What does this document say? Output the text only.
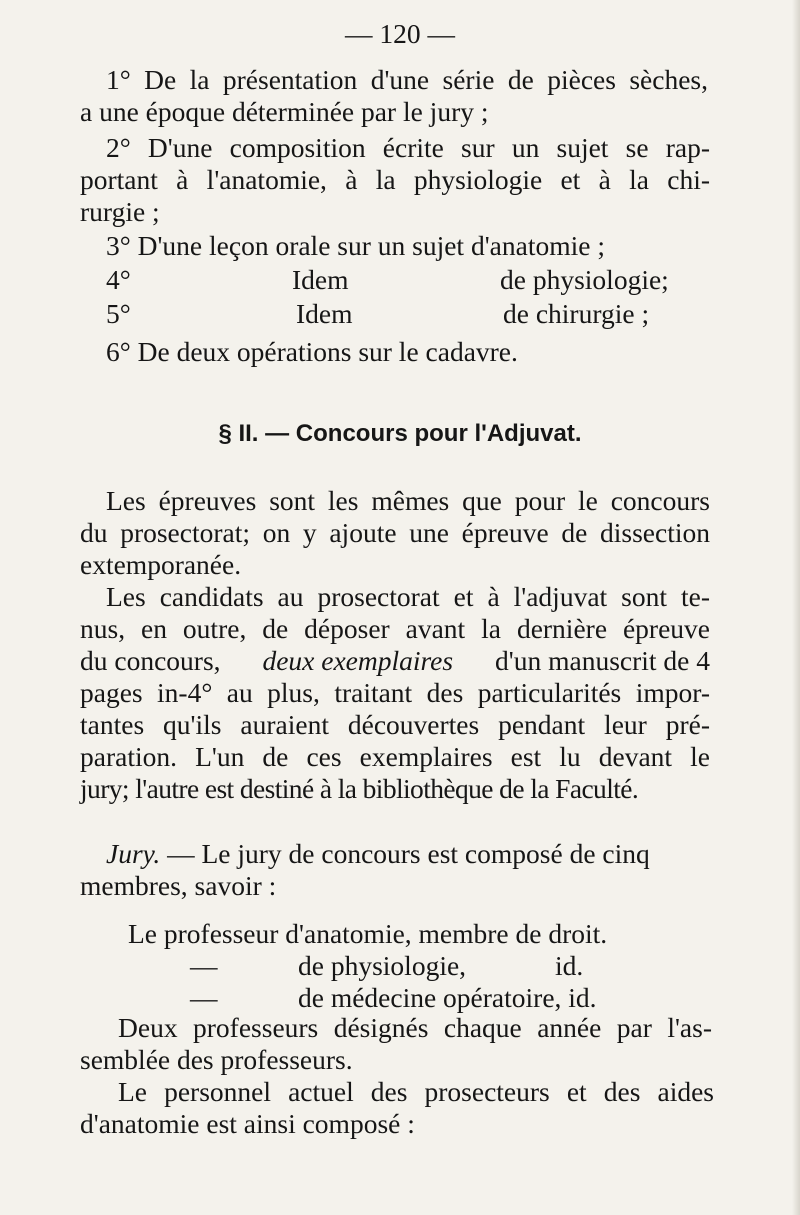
— 120 —
1° De la présentation d'une série de pièces sèches,
a une époque déterminée par le jury ;
2° D'une composition écrite sur un sujet se rap-
portant à l'anatomie, à la physiologie et à la chi-
rurgie ;
3° D'une leçon orale sur un sujet d'anatomie ;
4°	Idem	de physiologie;
5°	Idem	de chirurgie ;
6° De deux opérations sur le cadavre.
§ II. — Concours pour l'Adjuvat.
Les épreuves sont les mêmes que pour le concours
du prosectorat; on y ajoute une épreuve de dissection
extemporanée.
Les candidats au prosectorat et à l'adjuvat sont te-
nus, en outre, de déposer avant la dernière épreuve
du concours, deux exemplaires d'un manuscrit de 4
pages in-4° au plus, traitant des particularités impor-
tantes qu'ils auraient découvertes pendant leur pré-
paration. L'un de ces exemplaires est lu devant le
jury; l'autre est destiné à la bibliothèque de la Faculté.
Jury. — Le jury de concours est composé de cinq
membres, savoir :
Le professeur d'anatomie, membre de droit.
—	de physiologie,	id.
—	de médecine opératoire, id.
Deux professeurs désignés chaque année par l'as-
semblée des professeurs.
Le personnel actuel des prosecteurs et des aides
d'anatomie est ainsi composé :
